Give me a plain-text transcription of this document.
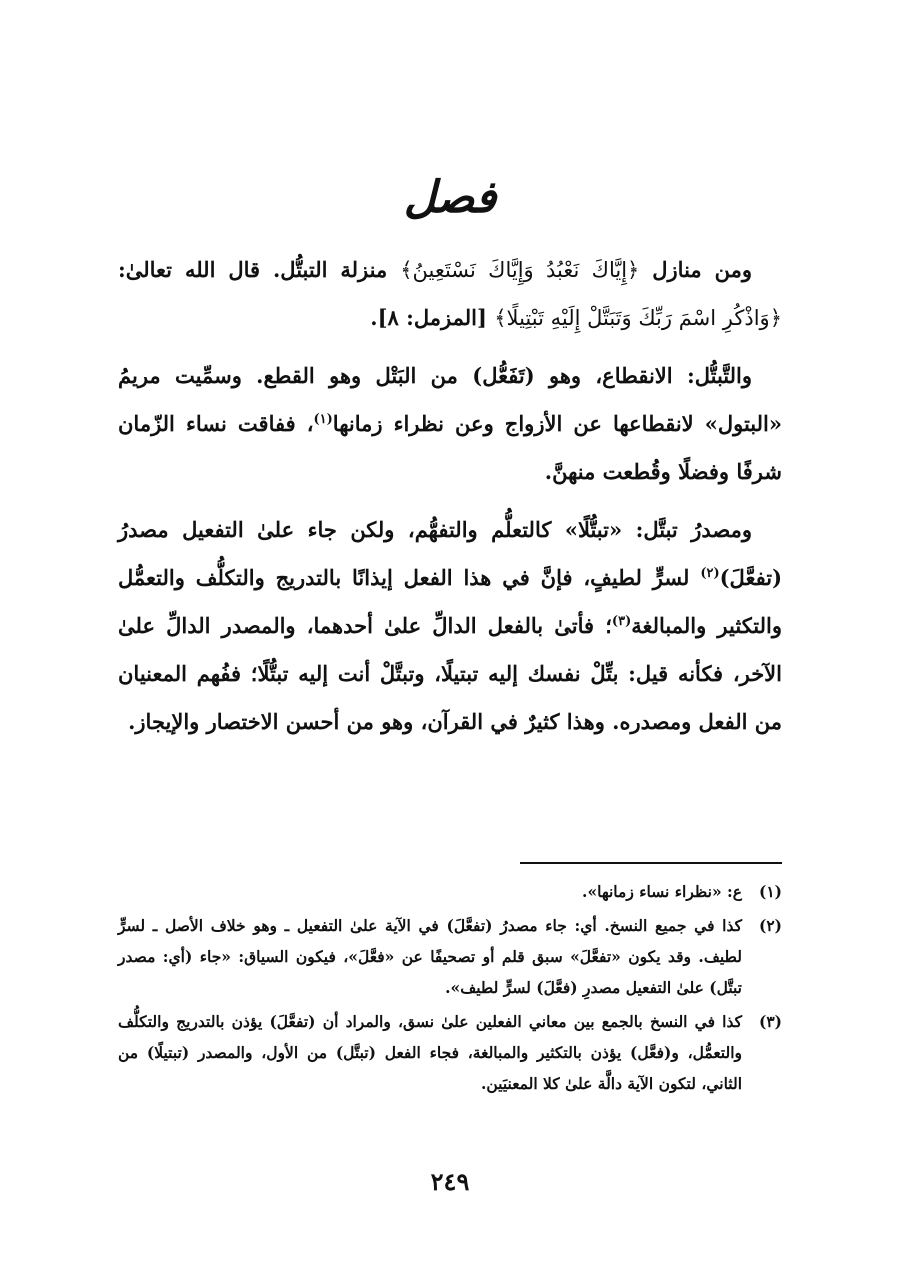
فصل

ومن منازل ﴿إِيَّاكَ نَعْبُدُ وَإِيَّاكَ نَسْتَعِينُ﴾ منزلة التبتُّل. قال الله تعالىٰ: ﴿وَاذْكُرِ اسْمَ رَبِّكَ وَتَبَتَّلْ إِلَيْهِ تَبْتِيلًا﴾ [المزمل: ٨].

والتَّبتُّل: الانقطاع، وهو (تَفَعُّل) من البَتْل وهو القطع. وسمِّيت مريمُ «البتول» لانقطاعها عن الأزواج وعن نظراء زمانها$^{(١)}$، ففاقت نساء الزّمان شرفًا وفضلًا وقُطعت منهنَّ.

ومصدرُ تبتَّل: «تبتُّلًا» كالتعلُّم والتفهُّم، ولكن جاء علىٰ التفعيل مصدرُ (تفعَّلَ)$^{(٢)}$ لسرٍّ لطيفٍ، فإنَّ في هذا الفعل إيذانًا بالتدريج والتكلُّف والتعمُّل والتكثير والمبالغة$^{(٣)}$؛ فأتىٰ بالفعل الدالِّ علىٰ أحدهما، والمصدر الدالِّ علىٰ الآخر، فكأنه قيل: بتِّلْ نفسك إليه تبتيلًا، وتبتَّلْ أنت إليه تبتُّلًا؛ ففُهم المعنيان من الفعل ومصدره. وهذا كثيرٌ في القرآن، وهو من أحسن الاختصار والإيجاز.

(١)
ع: «نظراء نساء زمانها».
(٢)
كذا في جميع النسخ. أي: جاء مصدرُ (تفعَّلَ) في الآية علىٰ التفعيل ـ وهو خلاف الأصل ـ لسرٍّ لطيف. وقد يكون «تفعَّلَ» سبق قلم أو تصحيفًا عن «فعَّلَ»، فيكون السياق: «جاء (أي: مصدر تبتَّل) علىٰ التفعيل مصدرِ (فعَّلَ) لسرٍّ لطيف».
(٣)
كذا في النسخ بالجمع بين معاني الفعلين علىٰ نسق، والمراد أن (تفعَّلَ) يؤذن بالتدريج والتكلُّف والتعمُّل، و(فعَّل) يؤذن بالتكثير والمبالغة، فجاء الفعل (تبتَّل) من الأول، والمصدر (تبتيلًا) من الثاني، لتكون الآية دالَّة علىٰ كلا المعنيَين.
٢٤٩
